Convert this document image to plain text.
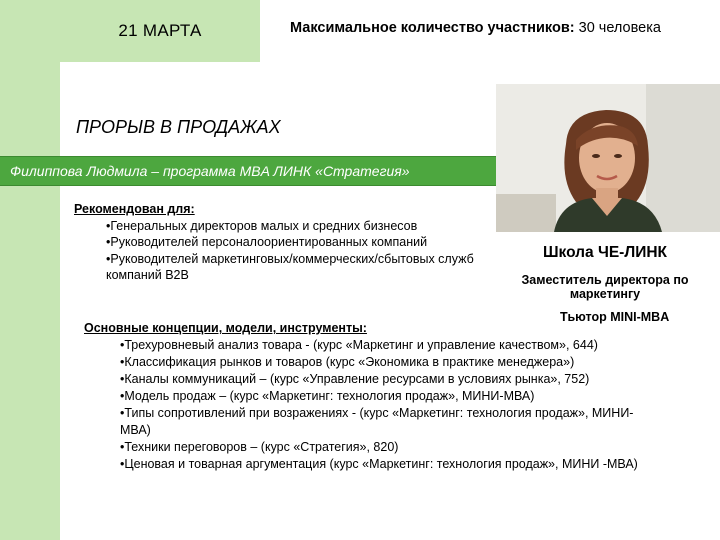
21 МАРТА	Максимальное количество участников: 30 человека
ПРОРЫВ В ПРОДАЖАХ
Филиппова Людмила – программа MBA ЛИНК «Стратегия»
Рекомендован для:
•Генеральных директоров малых и средних бизнесов
•Руководителей персоналоориентированных компаний
•Руководителей маркетинговых/коммерческих/сбытовых служб компаний B2B
Школа ЧЕ-ЛИНК
Заместитель директора по маркетингу
Тьютор MINI-MBA
Основные концепции, модели, инструменты:
•Трехуровневый анализ товара - (курс «Маркетинг и управление качеством», 644)
•Классификация рынков и товаров (курс «Экономика в практике менеджера»)
•Каналы коммуникаций – (курс «Управление ресурсами в условиях рынка», 752)
•Модель продаж – (курс «Маркетинг: технология продаж», МИНИ-МВА)
•Типы сопротивлений при возражениях - (курс «Маркетинг: технология продаж», МИНИ-МВА)
•Техники переговоров – (курс «Стратегия», 820)
•Ценовая и товарная аргументация (курс «Маркетинг: технология продаж», МИНИ -МВА)
